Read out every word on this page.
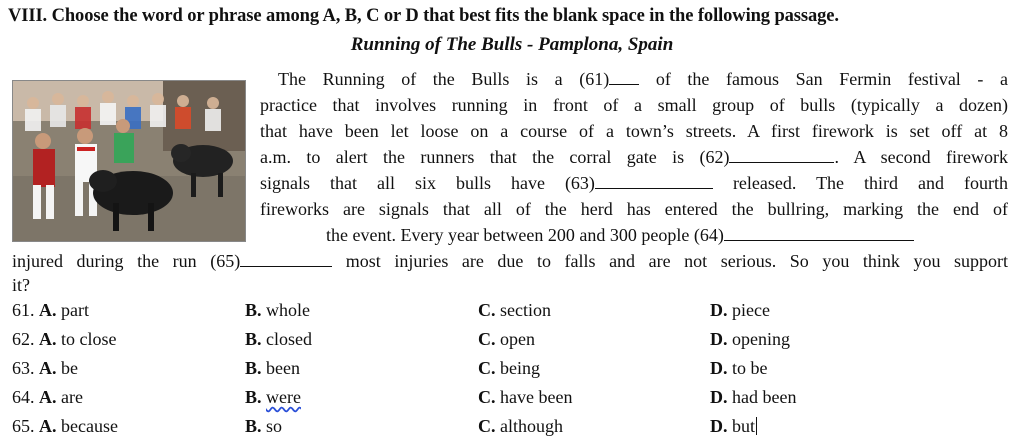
VIII. Choose the word or phrase among A, B, C or D that best fits the blank space in the following passage.
Running of The Bulls - Pamplona, Spain
The Running of the Bulls is a (61)	of the famous San Fermin festival - a
practice that involves running in front of a small group of bulls (typically a dozen)
that have been let loose on a course of a town’s streets. A first firework is set off at 8
a.m. to alert the runners that the corral gate is (62)	. A second firework
signals that all six bulls have (63)	released. The third and fourth
fireworks are signals that all of the herd has entered the bullring, marking the end of
the event. Every year between 200 and 300 people (64)
injured during the run (65)	most injuries are due to falls and are not serious. So you think you support
it?
61. A. part	B. whole	C. section	D. piece
62. A. to close	B. closed	C. open	D. opening
63. A. be	B. been	C. being	D. to be
64. A. are	B. were	C. have been	D. had been
65. A. because	B. so	C. although	D. but
